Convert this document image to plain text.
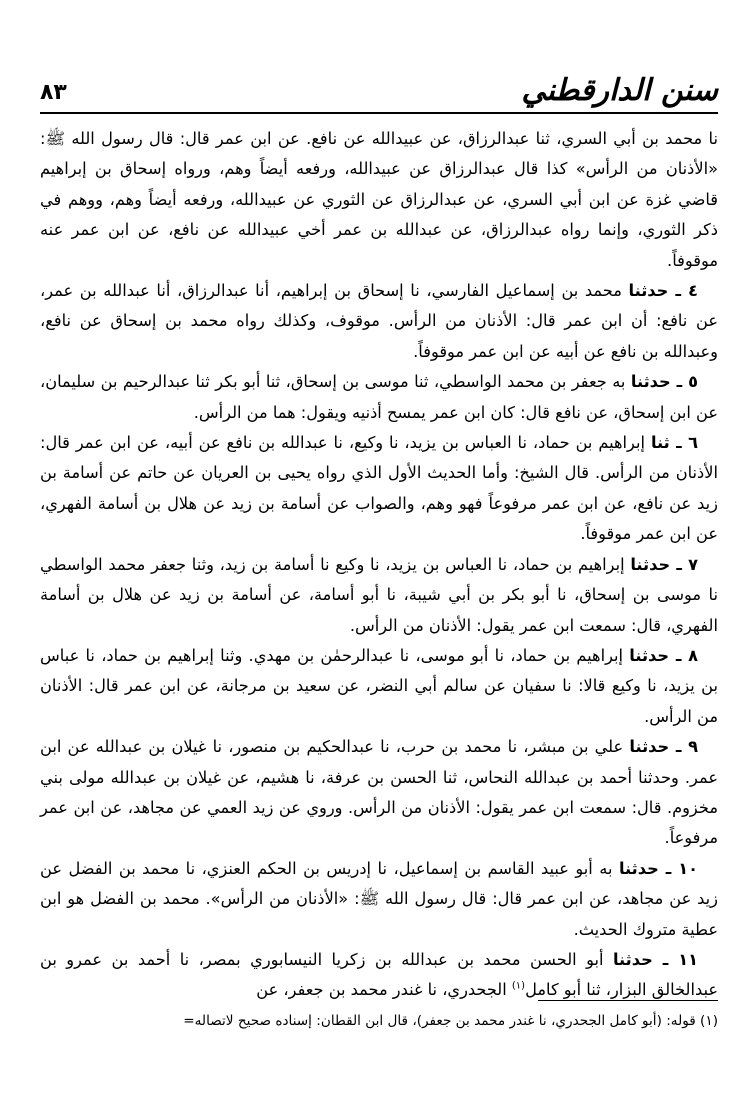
سنن الدارقطني
٨٣

نا محمد بن أبي السري، ثنا عبدالرزاق، عن عبيدالله عن نافع. عن ابن عمر قال: قال رسول الله ﷺ: «الأذنان من الرأس» كذا قال عبدالرزاق عن عبيدالله، ورفعه أيضاً وهم، ورواه إسحاق بن إبراهيم قاضي غزة عن ابن أبي السري، عن عبدالرزاق عن الثوري عن عبيدالله، ورفعه أيضاً وهم، ووهم في ذكر الثوري، وإنما رواه عبدالرزاق، عن عبدالله بن عمر أخي عبيدالله عن نافع، عن ابن عمر عنه موقوفاً.

٤ ـ حدثنا محمد بن إسماعيل الفارسي، نا إسحاق بن إبراهيم، أنا عبدالرزاق، أنا عبدالله بن عمر، عن نافع: أن ابن عمر قال: الأذنان من الرأس. موقوف، وكذلك رواه محمد بن إسحاق عن نافع، وعبدالله بن نافع عن أبيه عن ابن عمر موقوفاً.

٥ ـ حدثنا به جعفر بن محمد الواسطي، ثنا موسى بن إسحاق، ثنا أبو بكر ثنا عبدالرحيم بن سليمان، عن ابن إسحاق، عن نافع قال: كان ابن عمر يمسح أذنيه ويقول: هما من الرأس.

٦ ـ ثنا إبراهيم بن حماد، نا العباس بن يزيد، نا وكيع، نا عبدالله بن نافع عن أبيه، عن ابن عمر قال: الأذنان من الرأس. قال الشيخ: وأما الحديث الأول الذي رواه يحيى بن العريان عن حاتم عن أسامة بن زيد عن نافع، عن ابن عمر مرفوعاً فهو وهم، والصواب عن أسامة بن زيد عن هلال بن أسامة الفهري، عن ابن عمر موقوفاً.

٧ ـ حدثنا إبراهيم بن حماد، نا العباس بن يزيد، نا وكيع نا أسامة بن زيد، وثنا جعفر محمد الواسطي نا موسى بن إسحاق، نا أبو بكر بن أبي شيبة، نا أبو أسامة، عن أسامة بن زيد عن هلال بن أسامة الفهري، قال: سمعت ابن عمر يقول: الأذنان من الرأس.

٨ ـ حدثنا إبراهيم بن حماد، نا أبو موسى، نا عبدالرحمٰن بن مهدي. وثنا إبراهيم بن حماد، نا عباس بن يزيد، نا وكيع قالا: نا سفيان عن سالم أبي النضر، عن سعيد بن مرجانة، عن ابن عمر قال: الأذنان من الرأس.

٩ ـ حدثنا علي بن مبشر، نا محمد بن حرب، نا عبدالحكيم بن منصور، نا غيلان بن عبدالله عن ابن عمر. وحدثنا أحمد بن عبدالله النحاس، ثنا الحسن بن عرفة، نا هشيم، عن غيلان بن عبدالله مولى بني مخزوم. قال: سمعت ابن عمر يقول: الأذنان من الرأس. وروي عن زيد العمي عن مجاهد، عن ابن عمر مرفوعاً.

١٠ ـ حدثنا به أبو عبيد القاسم بن إسماعيل، نا إدريس بن الحكم العنزي، نا محمد بن الفضل عن زيد عن مجاهد، عن ابن عمر قال: قال رسول الله ﷺ: «الأذنان من الرأس». محمد بن الفضل هو ابن عطية متروك الحديث.

١١ ـ حدثنا أبو الحسن محمد بن عبدالله بن زكريا النيسابوري بمصر، نا أحمد بن عمرو بن عبدالخالق البزار، ثنا أبو كامل$^{(١)}$ الجحدري، نا غندر محمد بن جعفر، عن

(١) قوله: (أبو كامل الجحدري، نا غندر محمد بن جعفر)، قال ابن القطان: إسناده صحيح لاتصاله=
